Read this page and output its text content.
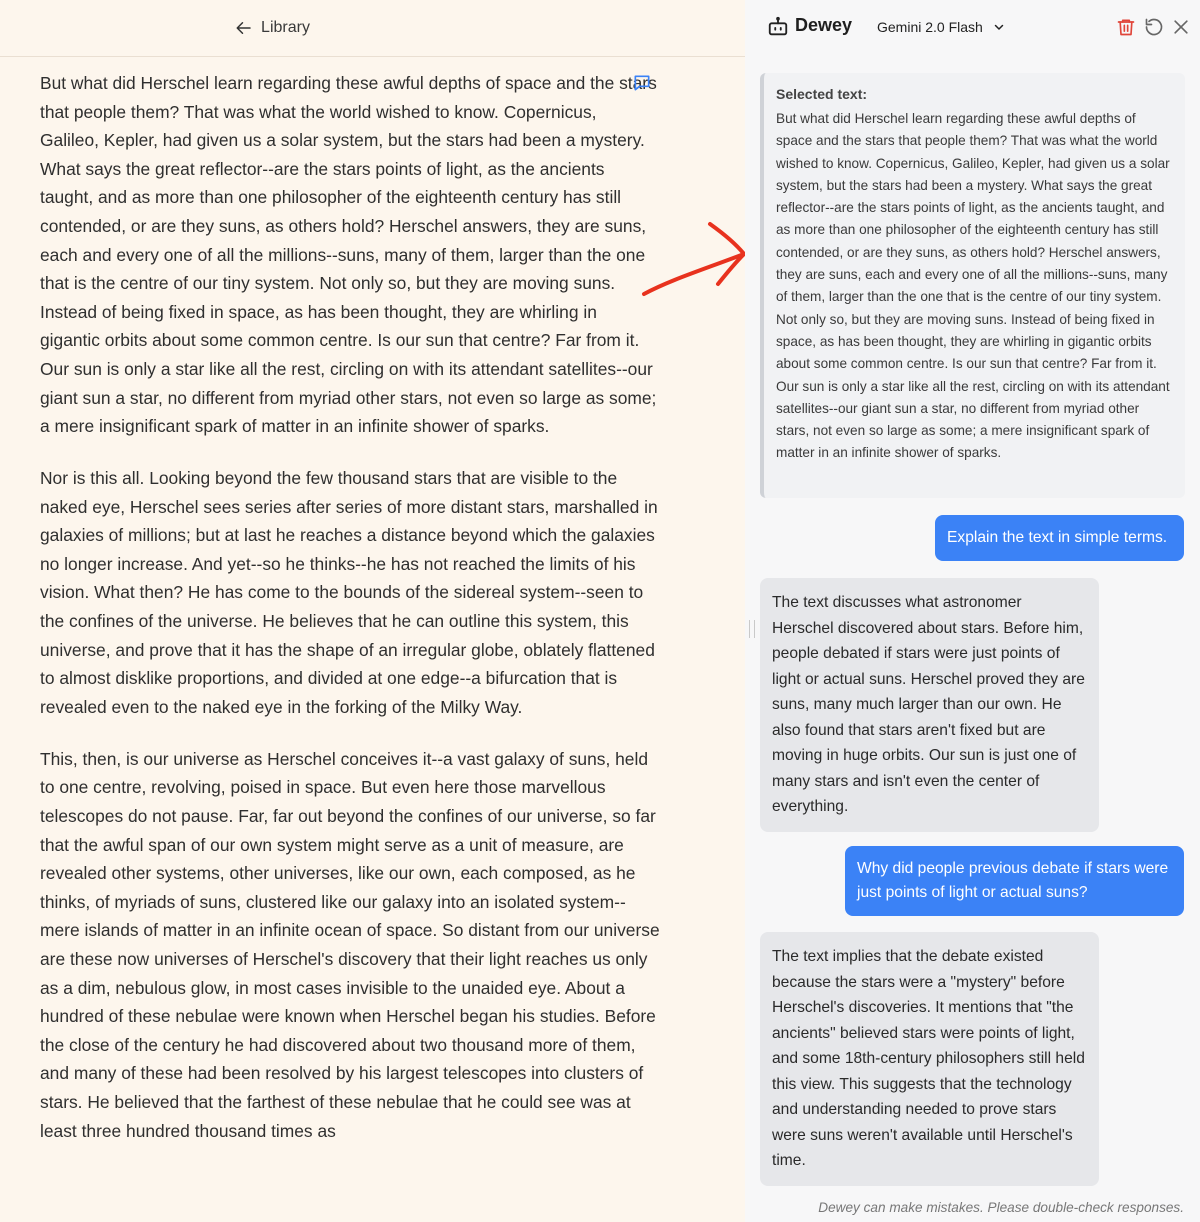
Library

But what did Herschel learn regarding these awful depths of space and the stars that people them? That was what the world wished to know. Copernicus, Galileo, Kepler, had given us a solar system, but the stars had been a mystery. What says the great reflector--are the stars points of light, as the ancients taught, and as more than one philosopher of the eighteenth century has still contended, or are they suns, as others hold? Herschel answers, they are suns, each and every one of all the millions--suns, many of them, larger than the one that is the centre of our tiny system. Not only so, but they are moving suns. Instead of being fixed in space, as has been thought, they are whirling in gigantic orbits about some common centre. Is our sun that centre? Far from it. Our sun is only a star like all the rest, circling on with its attendant satellites--our giant sun a star, no different from myriad other stars, not even so large as some; a mere insignificant spark of matter in an infinite shower of sparks.

Nor is this all. Looking beyond the few thousand stars that are visible to the naked eye, Herschel sees series after series of more distant stars, marshalled in galaxies of millions; but at last he reaches a distance beyond which the galaxies no longer increase. And yet--so he thinks--he has not reached the limits of his vision. What then? He has come to the bounds of the sidereal system--seen to the confines of the universe. He believes that he can outline this system, this universe, and prove that it has the shape of an irregular globe, oblately flattened to almost disklike proportions, and divided at one edge--a bifurcation that is revealed even to the naked eye in the forking of the Milky Way.

This, then, is our universe as Herschel conceives it--a vast galaxy of suns, held to one centre, revolving, poised in space. But even here those marvellous telescopes do not pause. Far, far out beyond the confines of our universe, so far that the awful span of our own system might serve as a unit of measure, are revealed other systems, other universes, like our own, each composed, as he thinks, of myriads of suns, clustered like our galaxy into an isolated system--mere islands of matter in an infinite ocean of space. So distant from our universe are these now universes of Herschel's discovery that their light reaches us only as a dim, nebulous glow, in most cases invisible to the unaided eye. About a hundred of these nebulae were known when Herschel began his studies. Before the close of the century he had discovered about two thousand more of them, and many of these had been resolved by his largest telescopes into clusters of stars. He believed that the farthest of these nebulae that he could see was at least three hundred thousand times as

Dewey Gemini 2.0 Flash
Selected text:
But what did Herschel learn regarding these awful depths of space and the stars that people them? That was what the world wished to know. Copernicus, Galileo, Kepler, had given us a solar system, but the stars had been a mystery. What says the great reflector--are the stars points of light, as the ancients taught, and as more than one philosopher of the eighteenth century has still contended, or are they suns, as others hold? Herschel answers, they are suns, each and every one of all the millions--suns, many of them, larger than the one that is the centre of our tiny system. Not only so, but they are moving suns. Instead of being fixed in space, as has been thought, they are whirling in gigantic orbits about some common centre. Is our sun that centre? Far from it. Our sun is only a star like all the rest, circling on with its attendant satellites--our giant sun a star, no different from myriad other stars, not even so large as some; a mere insignificant spark of matter in an infinite shower of sparks.
Explain the text in simple terms.
The text discusses what astronomer Herschel discovered about stars. Before him, people debated if stars were just points of light or actual suns. Herschel proved they are suns, many much larger than our own. He also found that stars aren't fixed but are moving in huge orbits. Our sun is just one of many stars and isn't even the center of everything.
Why did people previous debate if stars were just points of light or actual suns?
The text implies that the debate existed because the stars were a "mystery" before Herschel's discoveries. It mentions that "the ancients" believed stars were points of light, and some 18th-century philosophers still held this view. This suggests that the technology and understanding needed to prove stars were suns weren't available until Herschel's time.
Dewey can make mistakes. Please double-check responses.
